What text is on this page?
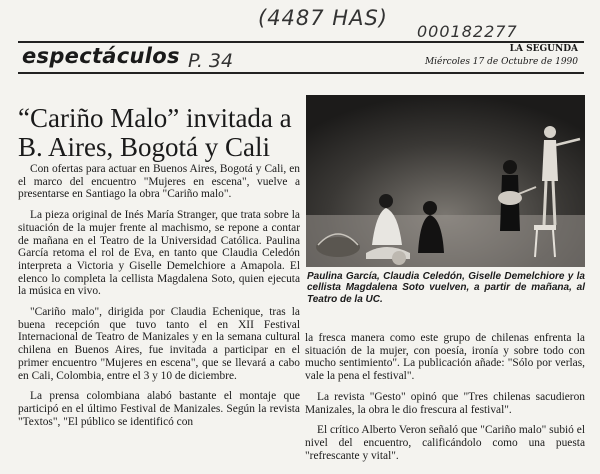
(4487 HAS)
000182277
espectáculos P. 34
LA SEGUNDA
Miércoles 17 de Octubre de 1990
“Cariño Malo” invitada a B. Aires, Bogotá y Cali

Con ofertas para actuar en Buenos Aires, Bogotá y Cali, en el marco del encuentro "Mujeres en escena", vuelve a presentarse en Santiago la obra "Cariño malo".

La pieza original de Inés María Stranger, que trata sobre la situación de la mujer frente al machismo, se repone a contar de mañana en el Teatro de la Universidad Católica. Paulina García retoma el rol de Eva, en tanto que Claudia Celedón interpreta a Victoria y Giselle Demelchiore a Amapola. El elenco lo completa la cellista Magdalena Soto, quien ejecuta la música en vivo.

"Cariño malo", dirigida por Claudia Echenique, tras la buena recepción que tuvo tanto el en XII Festival Internacional de Teatro de Manizales y en la semana cultural chilena en Buenos Aires, fue invitada a participar en el primer encuentro "Mujeres en escena", que se llevará a cabo en Cali, Colombia, entre el 3 y 10 de diciembre.

La prensa colombiana alabó bastante el montaje que participó en el último Festival de Manizales. Según la revista "Textos", "El público se identificó con

Paulina García, Claudia Celedón, Giselle Demelchiore y la cellista Magdalena Soto vuelven, a partir de mañana, al Teatro de la UC.

la fresca manera como este grupo de chilenas enfrenta la situación de la mujer, con poesía, ironía y sobre todo con mucho sentimiento". La publicación añade: "Sólo por verlas, vale la pena el festival".

La revista "Gesto" opinó que "Tres chilenas sacudieron Manizales, la obra le dio frescura al festival".

El crítico Alberto Veron señaló que "Cariño malo" subió el nivel del encuentro, calificándolo como una puesta "refrescante y vital".
